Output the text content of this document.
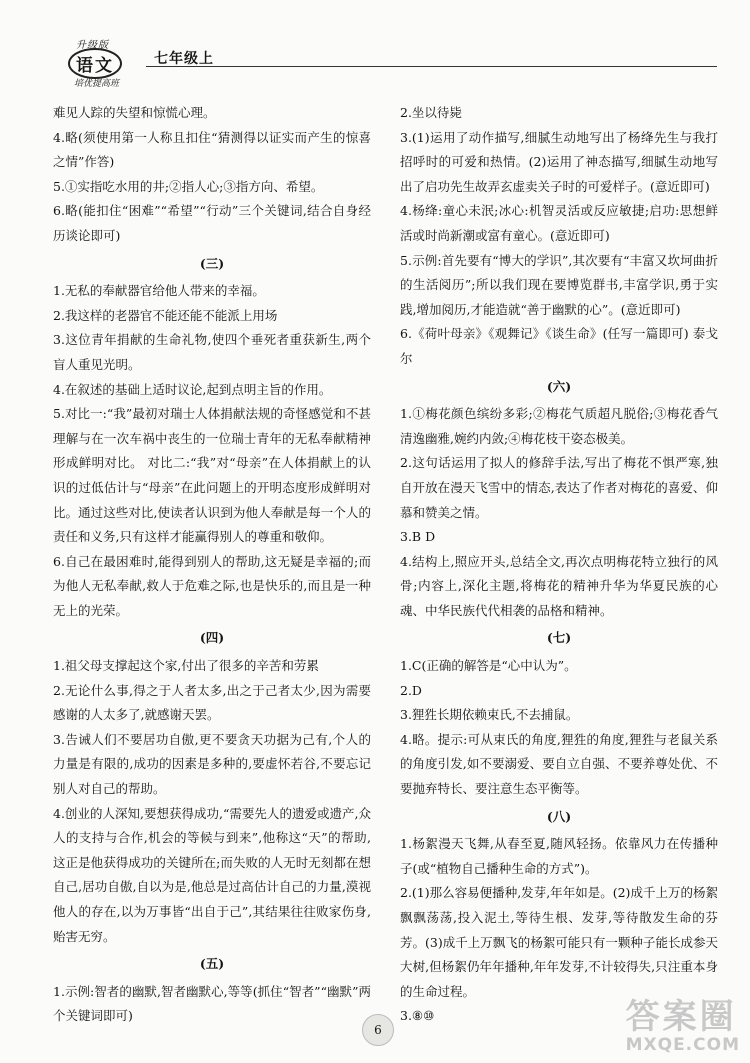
升级版
语文
培优提高班
七年级上

难见人踪的失望和惊慌心理。

4.略(须使用第一人称且扣住“猜测得以证实而产生的惊喜之情”作答)

5.①实指吃水用的井;②指人心;③指方向、希望。

6.略(能扣住“困难”“希望”“行动”三个关键词,结合自身经历谈论即可)

(三)

1.无私的奉献器官给他人带来的幸福。

2.我这样的老器官不能还能不能派上用场

3.这位青年捐献的生命礼物,使四个垂死者重获新生,两个盲人重见光明。

4.在叙述的基础上适时议论,起到点明主旨的作用。

5.对比一:“我”最初对瑞士人体捐献法规的奇怪感觉和不甚理解与在一次车祸中丧生的一位瑞士青年的无私奉献精神形成鲜明对比。 对比二:“我”对“母亲”在人体捐献上的认识的过低估计与“母亲”在此问题上的开明态度形成鲜明对比。通过这些对比,使读者认识到为他人奉献是每一个人的责任和义务,只有这样才能赢得别人的尊重和敬仰。

6.自己在最困难时,能得到别人的帮助,这无疑是幸福的;而为他人无私奉献,救人于危难之际,也是快乐的,而且是一种无上的光荣。

(四)

1.祖父母支撑起这个家,付出了很多的辛苦和劳累

2.无论什么事,得之于人者太多,出之于己者太少,因为需要感谢的人太多了,就感谢天罢。

3.告诫人们不要居功自傲,更不要贪天功据为己有,个人的力量是有限的,成功的因素是多种的,要虚怀若谷,不要忘记别人对自己的帮助。

4.创业的人深知,要想获得成功,“需要先人的遗爱或遗产,众人的支持与合作,机会的等候与到来”,他称这“天”的帮助,这正是他获得成功的关键所在;而失败的人无时无刻都在想自己,居功自傲,自以为是,他总是过高估计自己的力量,漠视他人的存在,以为万事皆“出自于己”,其结果往往败家伤身,贻害无穷。

(五)

1.示例:智者的幽默,智者幽默心,等等(抓住“智者”“幽默”两个关键词即可)

2.坐以待毙

3.(1)运用了动作描写,细腻生动地写出了杨绛先生与我打招呼时的可爱和热情。(2)运用了神态描写,细腻生动地写出了启功先生故弄玄虚卖关子时的可爱样子。(意近即可)

4.杨绛:童心未泯;冰心:机智灵活或反应敏捷;启功:思想鲜活或时尚新潮或富有童心。(意近即可)

5.示例:首先要有“博大的学识”,其次要有“丰富又坎坷曲折的生活阅历”;所以我们现在要博览群书,丰富学识,勇于实践,增加阅历,才能造就“善于幽默的心”。(意近即可)

6.《荷叶母亲》《观舞记》《谈生命》(任写一篇即可) 泰戈尔

(六)

1.①梅花颜色缤纷多彩;②梅花气质超凡脱俗;③梅花香气清逸幽雅,婉约内敛;④梅花枝干姿态极美。

2.这句话运用了拟人的修辞手法,写出了梅花不惧严寒,独自开放在漫天飞雪中的情态,表达了作者对梅花的喜爱、仰慕和赞美之情。

3.B D

4.结构上,照应开头,总结全文,再次点明梅花特立独行的风骨;内容上,深化主题,将梅花的精神升华为华夏民族的心魂、中华民族代代相袭的品格和精神。

(七)

1.C(正确的解答是“心中认为”。

2.D

3.狸狌长期依赖束氏,不去捕鼠。

4.略。提示:可从束氏的角度,狸狌的角度,狸狌与老鼠关系的角度引发,如不要溺爱、要自立自强、不要养尊处优、不要抛弃特长、要注意生态平衡等。

(八)

1.杨絮漫天飞舞,从春至夏,随风轻扬。依靠风力在传播种子(或“植物自己播种生命的方式”)。

2.(1)那么容易便播种,发芽,年年如是。(2)成千上万的杨絮飘飘荡荡,投入泥土,等待生根、发芽,等待散发生命的芬芳。(3)成千上万飘飞的杨絮可能只有一颗种子能长成参天大树,但杨絮仍年年播种,年年发芽,不计较得失,只注重本身的生命过程。

3.⑧⑩

6	答案圈
MXQE.COM
